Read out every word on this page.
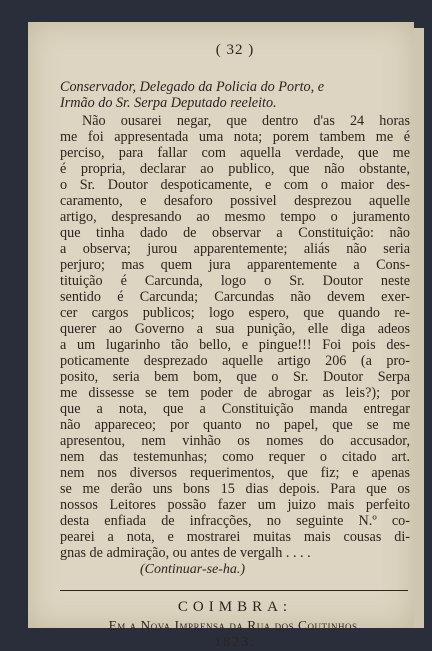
( 32 )
Conservador, Delegado da Policia do Porto, e
Irmão do Sr. Serpa Deputado reeleito.
Não ousarei negar, que dentro d'as 24 horas
me foi appresentada uma nota; porem tambem me é
perciso, para fallar com aquella verdade, que me
é propria, declarar ao publico, que não obstante,
o Sr. Doutor despoticamente, e com o maior des-
caramento, e desaforo possivel desprezou aquelle
artigo, despresando ao mesmo tempo o juramento
que tinha dado de observar a Constituição: não
a observa; jurou apparentemente; aliás não seria
perjuro; mas quem jura apparentemente a Cons-
tituição é Carcunda, logo o Sr. Doutor neste
sentido é Carcunda; Carcundas não devem exer-
cer cargos publicos; logo espero, que quando re-
querer ao Governo a sua punição, elle diga adeos
a um lugarinho tão bello, e pingue!!! Foi pois des-
poticamente desprezado aquelle artigo 206 (a pro-
posito, seria bem bom, que o Sr. Doutor Serpa
me dissesse se tem poder de abrogar as leis?); por
que a nota, que a Constituição manda entregar
não appareceo; por quanto no papel, que se me
apresentou, nem vinhão os nomes do accusador,
nem das testemunhas; como requer o citado art.
nem nos diversos requerimentos, que fiz; e apenas
se me derão uns bons 15 dias depois. Para que os
nossos Leitores possão fazer um juizo mais perfeito
desta enfiada de infracções, no seguinte N.º co-
pearei a nota, e mostrarei muitas mais cousas di-
gnas de admiração, ou antes de vergalh . . . .
(Continuar-se-ha.)
COIMBRA:
Em a Nova Imprensa da Rua dos Coutinhos.
1823.
